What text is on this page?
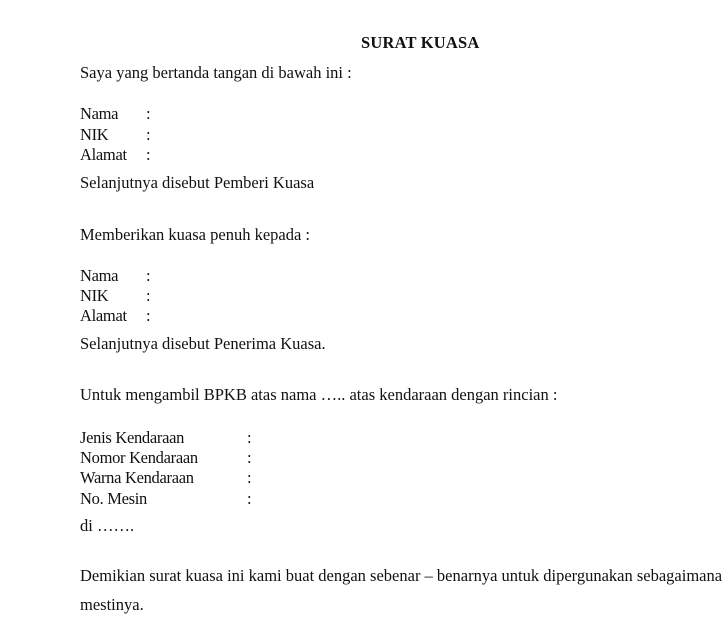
SURAT KUASA
Saya yang bertanda tangan di bawah ini :
Nama :
NIK :
Alamat :
Selanjutnya disebut Pemberi Kuasa
Memberikan kuasa penuh kepada :
Nama :
NIK :
Alamat :
Selanjutnya disebut Penerima Kuasa.
Untuk mengambil BPKB atas nama ….. atas kendaraan dengan rincian :
Jenis Kendaraan	:
Nomor Kendaraan	:
Warna Kendaraan	:
No. Mesin	:
di …….
Demikian surat kuasa ini kami buat dengan sebenar – benarnya untuk dipergunakan sebagaimana
mestinya.
